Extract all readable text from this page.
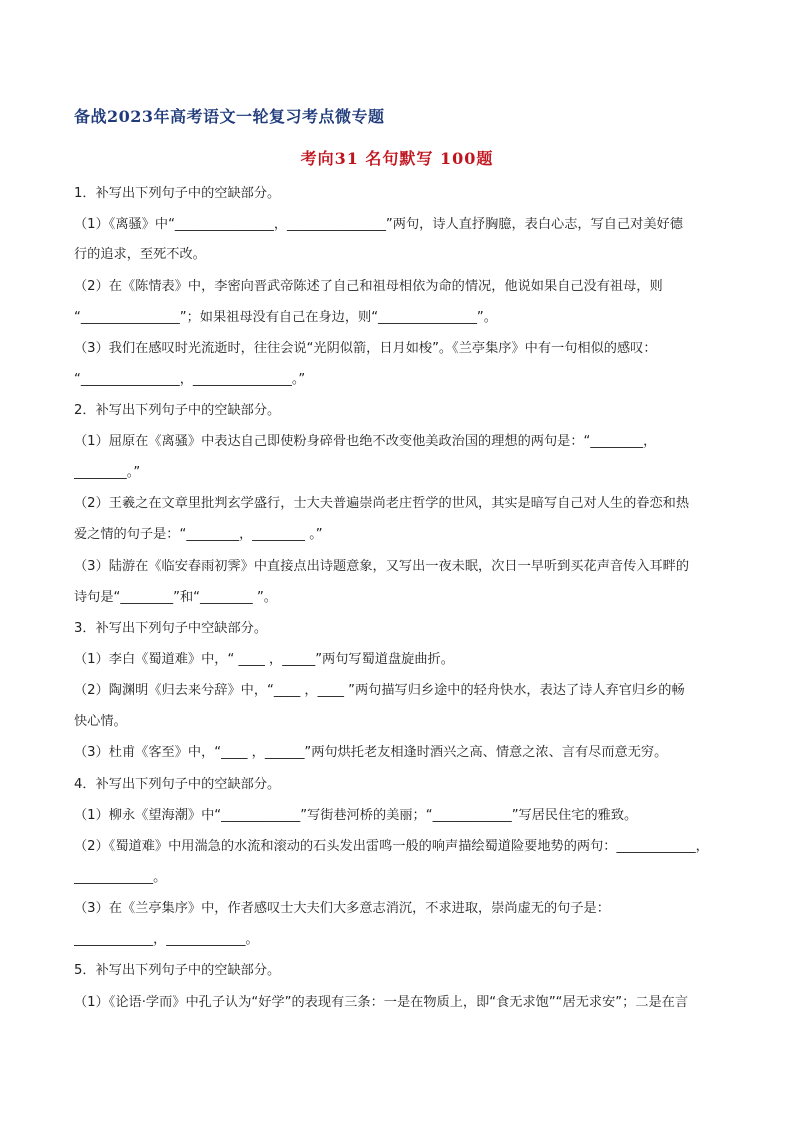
备战2023年高考语文一轮复习考点微专题
考向31 名句默写 100题
1．补写出下列句子中的空缺部分。
（1）《离骚》中“_______________，_______________”两句，诗人直抒胸臆，表白心志，写自己对美好德
行的追求，至死不改。
（2）在《陈情表》中，李密向晋武帝陈述了自己和祖母相依为命的情况，他说如果自己没有祖母，则
“_______________”；如果祖母没有自己在身边，则“_______________”。
（3）我们在感叹时光流逝时，往往会说“光阴似箭，日月如梭”。《兰亭集序》中有一句相似的感叹：
“_______________，_______________。”
2．补写出下列句子中的空缺部分。
（1）屈原在《离骚》中表达自己即使粉身碎骨也绝不改变他美政治国的理想的两句是：“________，
________。”
（2）王羲之在文章里批判玄学盛行，士大夫普遍崇尚老庄哲学的世风，其实是暗写自己对人生的眷恋和热
爱之情的句子是：“________，________ 。”
（3）陆游在《临安春雨初霁》中直接点出诗题意象，又写出一夜未眠，次日一早听到买花声音传入耳畔的
诗句是“________”和“________ ”。
3．补写出下列句子中空缺部分。
（1）李白《蜀道难》中，“ ____ ，_____”两句写蜀道盘旋曲折。
（2）陶渊明《归去来兮辞》中，“____ ，____ ”两句描写归乡途中的轻舟快水，表达了诗人弃官归乡的畅
快心情。
（3）杜甫《客至》中，“____ ，______”两句烘托老友相逢时酒兴之高、情意之浓、言有尽而意无穷。
4．补写出下列句子中的空缺部分。
（1）柳永《望海潮》中“____________”写街巷河桥的美丽；“____________”写居民住宅的雅致。
（2）《蜀道难》中用湍急的水流和滚动的石头发出雷鸣一般的响声描绘蜀道险要地势的两句：____________，
____________。
（3）在《兰亭集序》中，作者感叹士大夫们大多意志消沉，不求进取，崇尚虚无的句子是：
____________，____________。
5．补写出下列句子中的空缺部分。
（1）《论语·学而》中孔子认为“好学”的表现有三条：一是在物质上，即“食无求饱”“居无求安”；二是在言
